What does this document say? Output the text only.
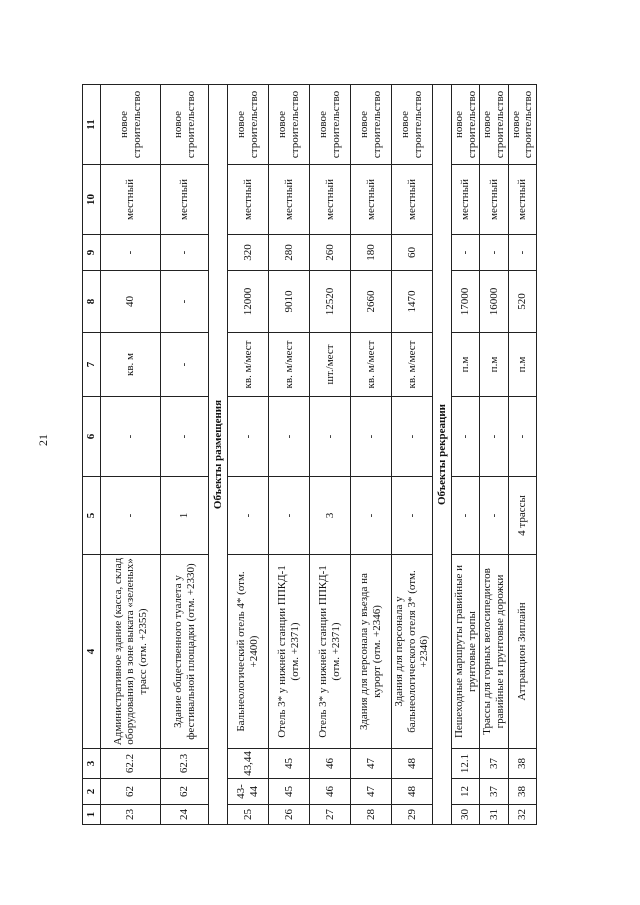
21
1	2	3	4	5	6	7	8	9	10	11
23	62	62.2	Административное здание (касса, склад оборудования) в зоне выката «зеленых» трасс (отм. +2355)	-	-	кв. м	40	-	местный	новое строительство
24	62	62.3	Здание общественного туалета у фестивальной площадки (отм. +2330)	1	-	-	-	-	местный	новое строительство
Объекты размещения										
25	43-44	43,44	Бальнеологический отель 4* (отм. +2400)	-	-	кв. м/мест	12000	320	местный	новое строительство
26	45	45	Отель 3* у нижней станции ППКД-1 (отм. +2371)	-	-	кв. м/мест	9010	280	местный	новое строительство
27	46	46	Отель 3* у нижней станции ППКД-1 (отм. +2371)	3	-	шт./мест	12520	260	местный	новое строительство
28	47	47	Здания для персонала у въезда на курорт (отм. +2346)	-	-	кв. м/мест	2660	180	местный	новое строительство
29	48	48	Здания для персонала у бальнеологического отеля 3* (отм. +2346)	-	-	кв. м/мест	1470	60	местный	новое строительство
Объекты рекреации										
30	12	12.1	Пешеходные маршруты гравийные и грунтовые тропы	-	-	п.м	17000	-	местный	новое строительство
31	37	37	Трассы для горных велосипедистов гравийные и грунтовые дорожки	-	-	п.м	16000	-	местный	новое строительство
32	38	38	Аттракцион Зиплайн	4 трассы	-	п.м	520	-	местный	новое строительство
